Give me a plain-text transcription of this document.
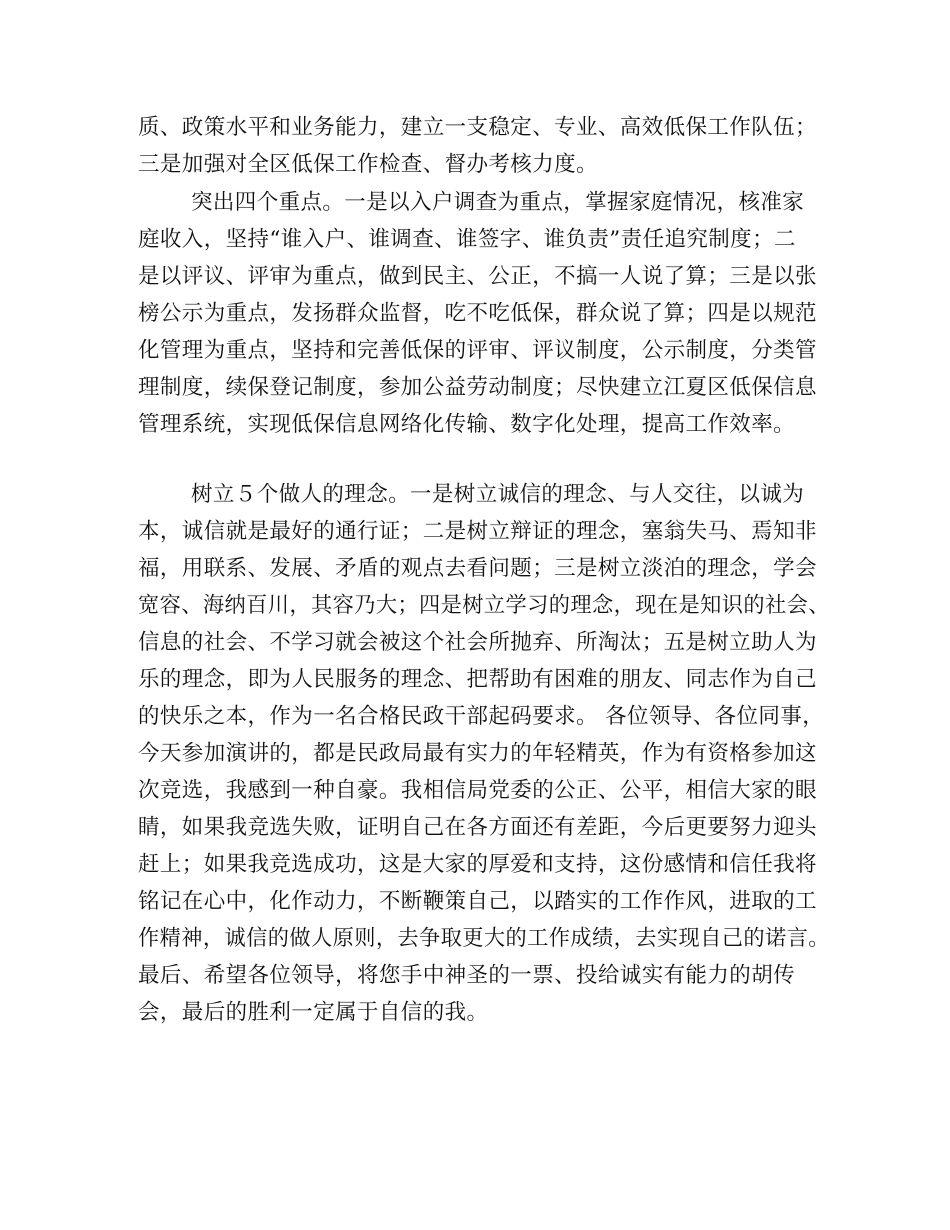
质、政策水平和业务能力，建立一支稳定、专业、高效低保工作队伍；
三是加强对全区低保工作检查、督办考核力度。
突出四个重点。一是以入户调查为重点，掌握家庭情况，核准家
庭收入，坚持“谁入户、谁调查、谁签字、谁负责”责任追究制度；二
是以评议、评审为重点，做到民主、公正，不搞一人说了算；三是以张
榜公示为重点，发扬群众监督，吃不吃低保，群众说了算；四是以规范
化管理为重点，坚持和完善低保的评审、评议制度，公示制度，分类管
理制度，续保登记制度，参加公益劳动制度；尽快建立江夏区低保信息
管理系统，实现低保信息网络化传输、数字化处理，提高工作效率。
树立５个做人的理念。一是树立诚信的理念、与人交往，以诚为
本，诚信就是最好的通行证；二是树立辩证的理念，塞翁失马、焉知非
福，用联系、发展、矛盾的观点去看问题；三是树立淡泊的理念，学会
宽容、海纳百川，其容乃大；四是树立学习的理念，现在是知识的社会、
信息的社会、不学习就会被这个社会所抛弃、所淘汰；五是树立助人为
乐的理念，即为人民服务的理念、把帮助有困难的朋友、同志作为自己
的快乐之本，作为一名合格民政干部起码要求。 各位领导、各位同事，
今天参加演讲的，都是民政局最有实力的年轻精英，作为有资格参加这
次竞选，我感到一种自豪。我相信局党委的公正、公平，相信大家的眼
睛，如果我竞选失败，证明自己在各方面还有差距，今后更要努力迎头
赶上；如果我竞选成功，这是大家的厚爱和支持，这份感情和信任我将
铭记在心中，化作动力，不断鞭策自己，以踏实的工作作风，进取的工
作精神，诚信的做人原则，去争取更大的工作成绩，去实现自己的诺言。
最后、希望各位领导，将您手中神圣的一票、投给诚实有能力的胡传
会，最后的胜利一定属于自信的我。
